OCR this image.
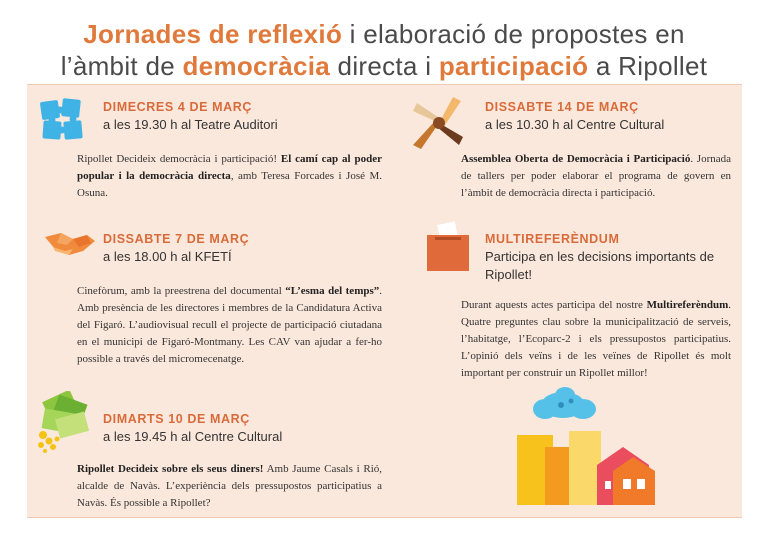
Jornades de reflexió i elaboració de propostes en
l’àmbit de democràcia directa i participació a Ripollet
DIMECRES 4 DE MARÇ
a les 19.30 h al Teatre Auditori
Ripollet Decideix democràcia i participació! El camí cap al poder popular i la democràcia directa, amb Teresa Forcades i José M. Osuna.
DISSABTE 7 DE MARÇ
a les 18.00 h al KFETÍ
Cinefòrum, amb la preestrena del documental “L’esma del temps”. Amb presència de les directores i membres de la Candidatura Activa del Figaró. L’audiovisual recull el projecte de participació ciutadana en el municipi de Figaró-Montmany. Les CAV van ajudar a fer-ho possible a través del micromecenatge.
DIMARTS 10 DE MARÇ
a les 19.45 h al Centre Cultural
Ripollet Decideix sobre els seus diners! Amb Jaume Casals i Rió, alcalde de Navàs. L’experiència dels pressupostos participatius a Navàs. És possible a Ripollet?
DISSABTE 14 DE MARÇ
a les 10.30 h al Centre Cultural
Assemblea Oberta de Democràcia i Participació. Jornada de tallers per poder elaborar el programa de govern en l’àmbit de democràcia directa i participació.
MULTIREFERÈNDUM
Participa en les decisions importants de Ripollet!
Durant aquests actes participa del nostre Multireferèndum. Quatre preguntes clau sobre la municipalització de serveis, l’habitatge, l’Ecoparc-2 i els pressupostos participatius. L’opinió dels veïns i de les veïnes de Ripollet és molt important per construir un Ripollet millor!
